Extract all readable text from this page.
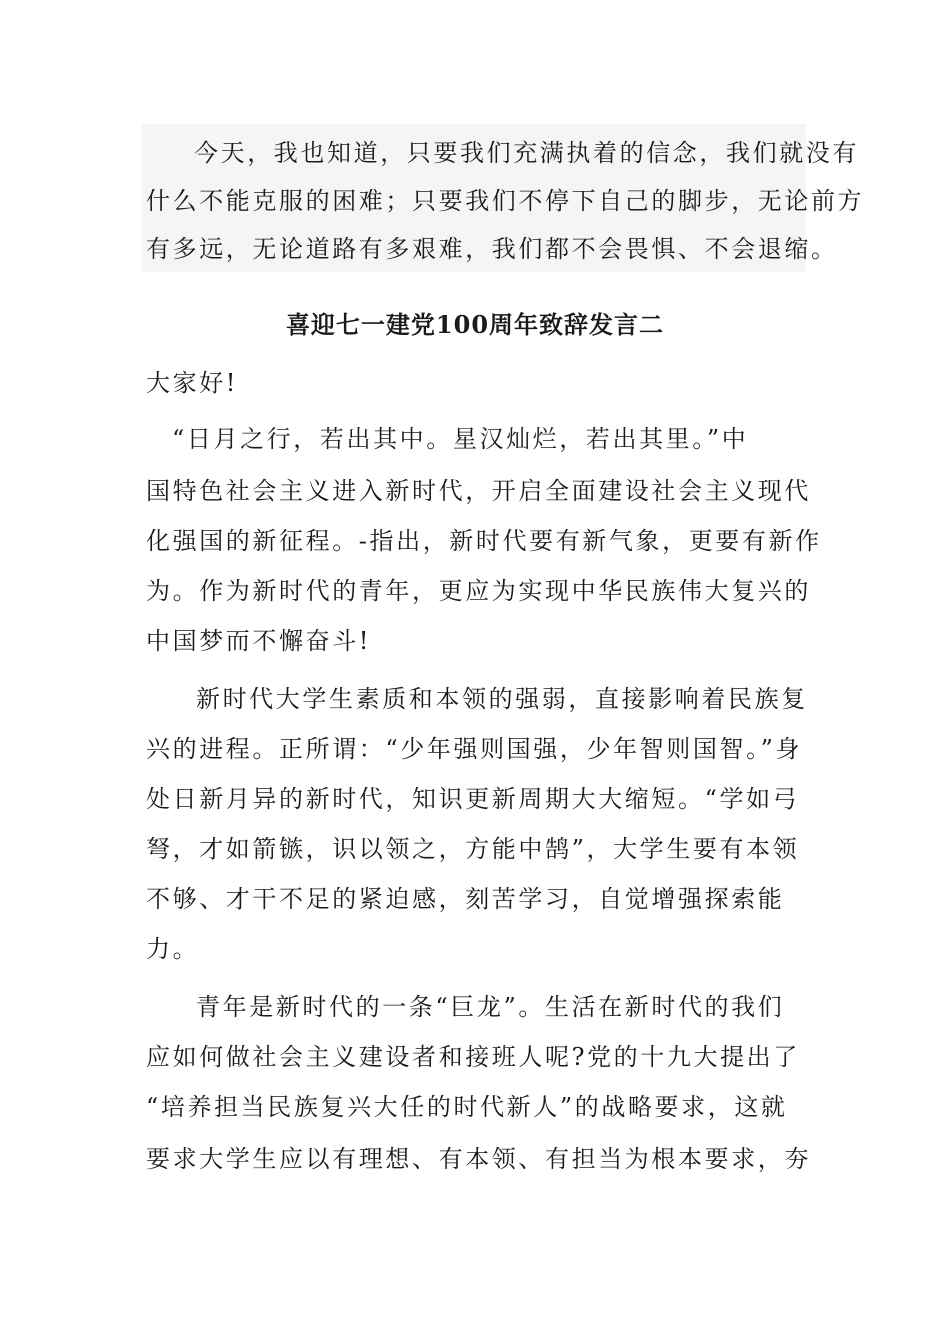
今天，我也知道，只要我们充满执着的信念，我们就没有
什么不能克服的困难；只要我们不停下自己的脚步，无论前方
有多远，无论道路有多艰难，我们都不会畏惧、不会退缩。
喜迎七一建党100周年致辞发言二
大家好!
“日月之行，若出其中。星汉灿烂，若出其里。”中
国特色社会主义进入新时代，开启全面建设社会主义现代
化强国的新征程。-指出，新时代要有新气象，更要有新作
为。作为新时代的青年，更应为实现中华民族伟大复兴的
中国梦而不懈奋斗!
新时代大学生素质和本领的强弱，直接影响着民族复
兴的进程。正所谓：“少年强则国强，少年智则国智。”身
处日新月异的新时代，知识更新周期大大缩短。“学如弓
弩，才如箭镞，识以领之，方能中鹄”，大学生要有本领
不够、才干不足的紧迫感，刻苦学习，自觉增强探索能
力。
青年是新时代的一条“巨龙”。生活在新时代的我们
应如何做社会主义建设者和接班人呢?党的十九大提出了
“培养担当民族复兴大任的时代新人”的战略要求，这就
要求大学生应以有理想、有本领、有担当为根本要求，夯
